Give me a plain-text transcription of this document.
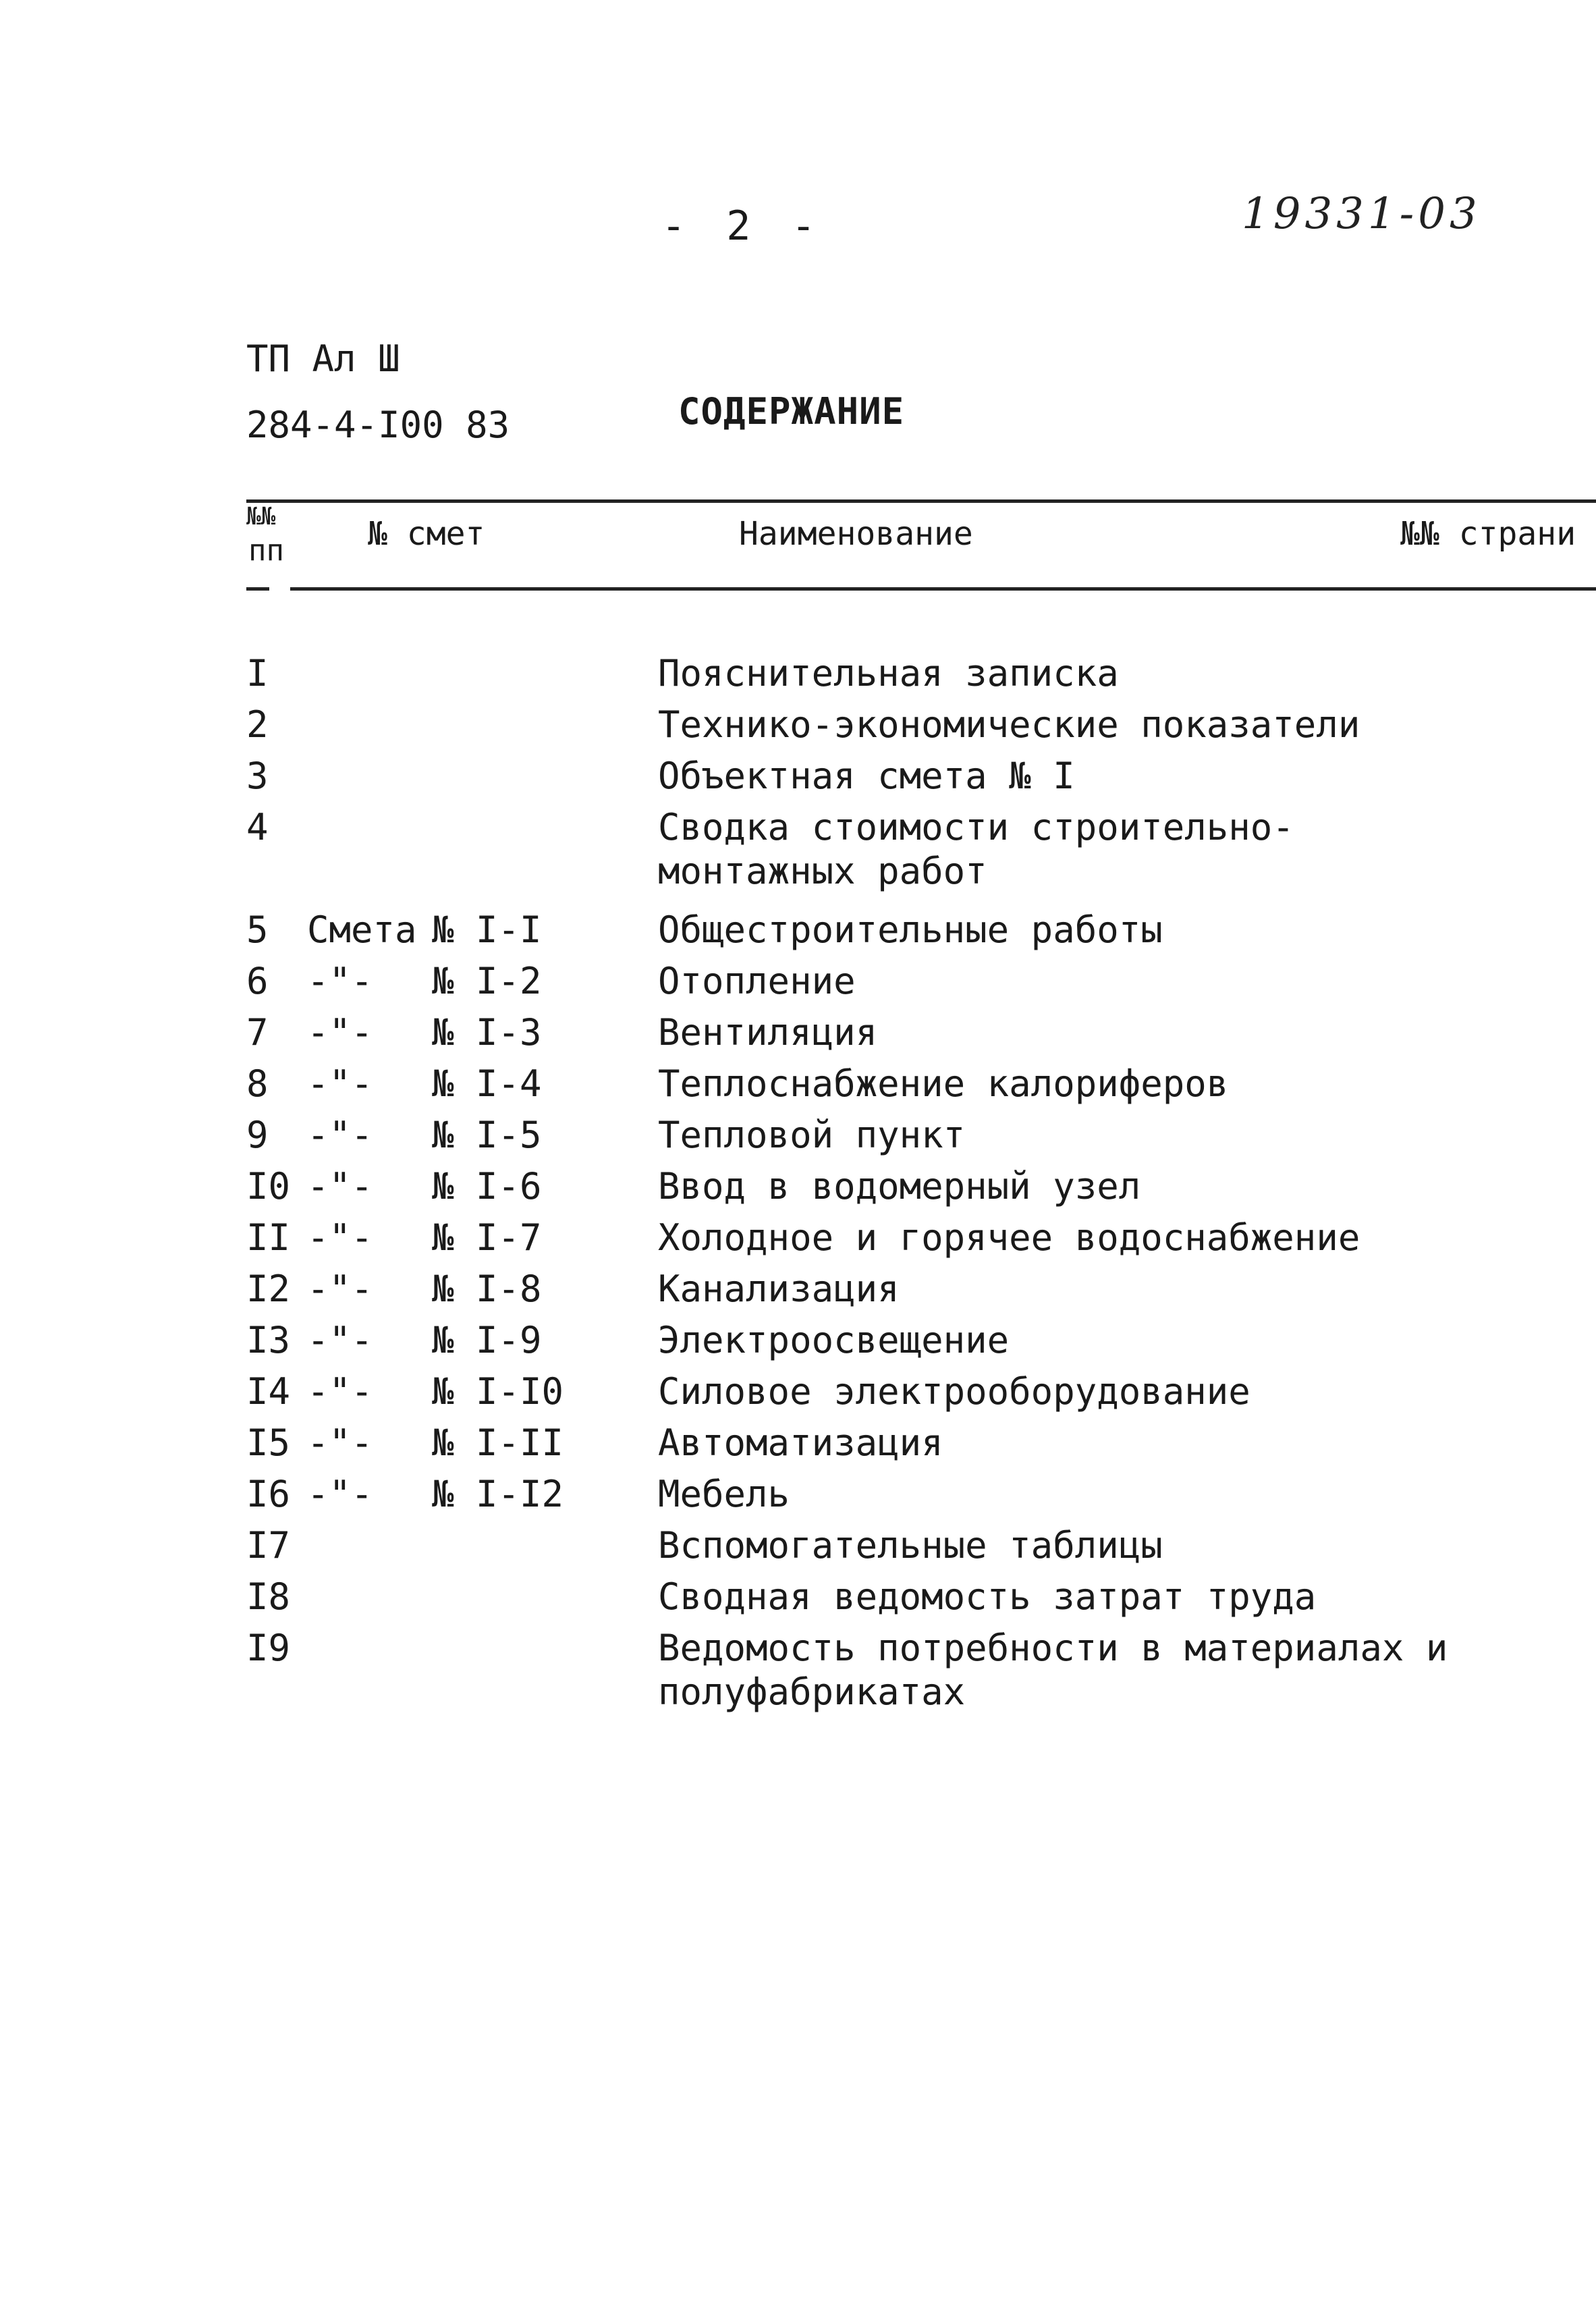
- 2 -	19331-03
ТП Ал Ш
284-4-I00 83	СОДЕРЖАНИЕ
№№
пп	№ смет	Наименование	№№ страни
I	Пояснительная записка
2	Технико-экономические показатели
3	Объектная смета № I
4	Сводка стоимости строительно-
монтажных работ
5 Смета № I-I	Общестроительные работы
6 -"- № I-2	Отопление
7 -"- № I-3	Вентиляция
8 -"- № I-4	Теплоснабжение калориферов
9 -"- № I-5	Тепловой пункт
I0 -"- № I-6	Ввод в водомерный узел
II -"- № I-7	Холодное и горячее водоснабжение
I2 -"- № I-8	Канализация
I3 -"- № I-9	Электроосвещение
I4 -"- № I-I0	Силовое электрооборудование
I5 -"- № I-II	Автоматизация
I6 -"- № I-I2	Мебель
I7	Вспомогательные таблицы
I8	Сводная ведомость затрат труда
I9	Ведомость потребности в материалах и
полуфабрикатах
